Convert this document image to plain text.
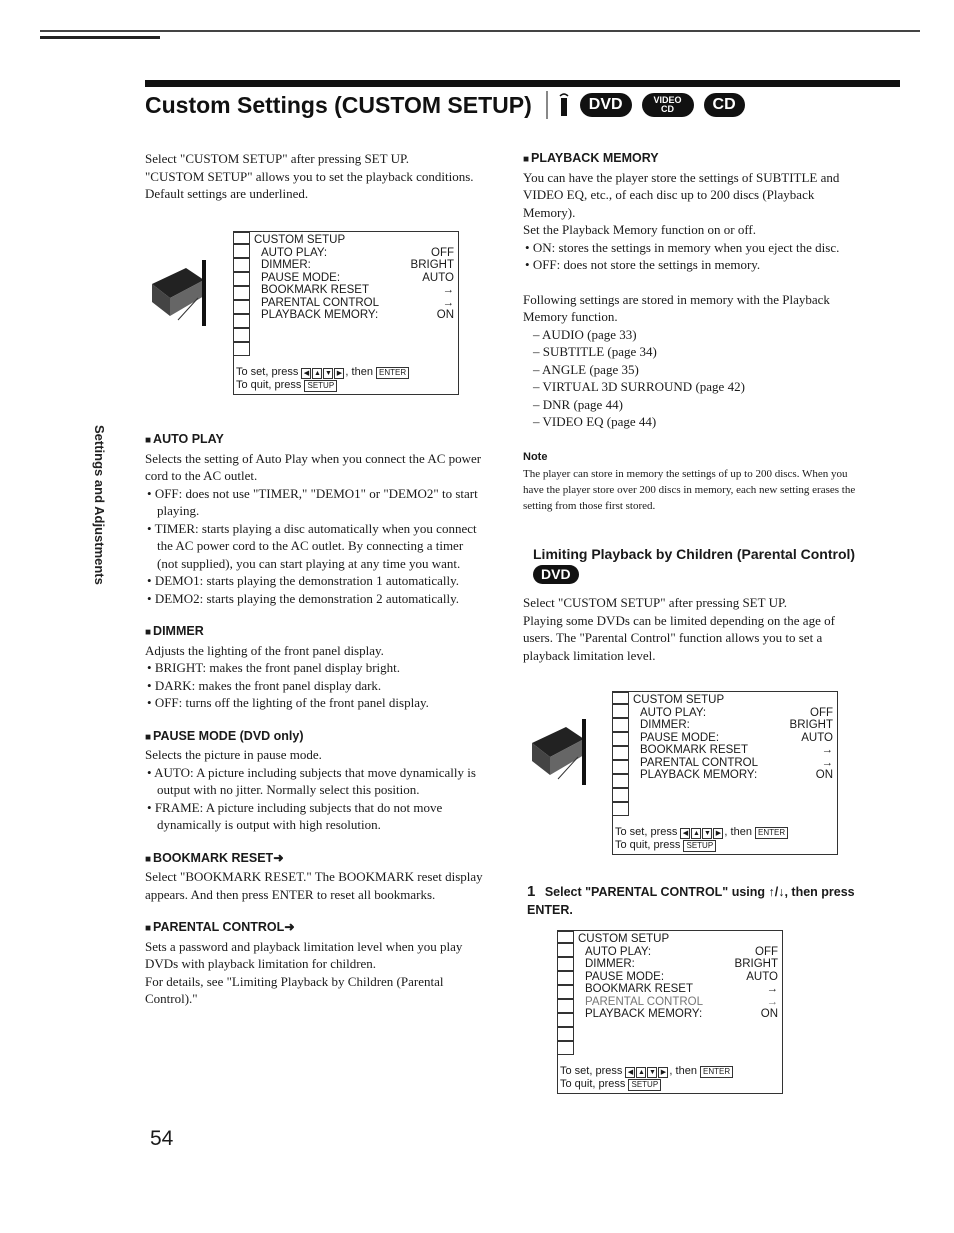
Custom Settings (CUSTOM SETUP)	DVD	VIDEO CD	CD
Settings and Adjustments

Select "CUSTOM SETUP" after pressing SET UP.

"CUSTOM SETUP" allows you to set the playback conditions.

Default settings are underlined.

CUSTOM SETUP
AUTO PLAY:	OFF
DIMMER:	BRIGHT
PAUSE MODE:	AUTO
BOOKMARK RESET	→
PARENTAL CONTROL	→
PLAYBACK MEMORY:	ON
To set, press ◀ ▲ ▼ ▶ , then ENTER
To quit, press SETUP

■ AUTO PLAY

Selects the setting of Auto Play when you connect the AC power cord to the AC outlet.

• OFF: does not use "TIMER," "DEMO1" or "DEMO2" to start playing.

• TIMER: starts playing a disc automatically when you connect the AC power cord to the AC outlet. By connecting a timer (not supplied), you can start playing at any time you want.

• DEMO1: starts playing the demonstration 1 automatically.

• DEMO2: starts playing the demonstration 2 automatically.

■ DIMMER

Adjusts the lighting of the front panel display.

• BRIGHT: makes the front panel display bright.

• DARK: makes the front panel display dark.

• OFF: turns off the lighting of the front panel display.

■ PAUSE MODE (DVD only)

Selects the picture in pause mode.

• AUTO: A picture including subjects that move dynamically is output with no jitter. Normally select this position.

• FRAME: A picture including subjects that do not move dynamically is output with high resolution.

■ BOOKMARK RESET➜

Select "BOOKMARK RESET." The BOOKMARK reset display appears. And then press ENTER to reset all bookmarks.

■ PARENTAL CONTROL➜

Sets a password and playback limitation level when you play DVDs with playback limitation for children.

For details, see "Limiting Playback by Children (Parental Control)."

■ PLAYBACK MEMORY

You can have the player store the settings of SUBTITLE and VIDEO EQ, etc., of each disc up to 200 discs (Playback Memory).

Set the Playback Memory function on or off.

• ON: stores the settings in memory when you eject the disc.

• OFF: does not store the settings in memory.

Following settings are stored in memory with the Playback Memory function.

– AUDIO (page 33)

– SUBTITLE (page 34)

– ANGLE (page 35)

– VIRTUAL 3D SURROUND (page 42)

– DNR (page 44)

– VIDEO EQ (page 44)

Note

The player can store in memory the settings of up to 200 discs. When you have the player store over 200 discs in memory, each new setting erases the setting from those first stored.

Limiting Playback by Children (Parental Control) DVD

Select "CUSTOM SETUP" after pressing SET UP.

Playing some DVDs can be limited depending on the age of users. The "Parental Control" function allows you to set a playback limitation level.

CUSTOM SETUP
AUTO PLAY:	OFF
DIMMER:	BRIGHT
PAUSE MODE:	AUTO
BOOKMARK RESET	→
PARENTAL CONTROL	→
PLAYBACK MEMORY:	ON
To set, press ◀ ▲ ▼ ▶ , then ENTER
To quit, press SETUP
1 Select "PARENTAL CONTROL" using ↑/↓, then press ENTER.
CUSTOM SETUP
AUTO PLAY:	OFF
DIMMER:	BRIGHT
PAUSE MODE:	AUTO
BOOKMARK RESET	→
PARENTAL CONTROL	→
PLAYBACK MEMORY:	ON
To set, press ◀ ▲ ▼ ▶ , then ENTER
To quit, press SETUP
54
